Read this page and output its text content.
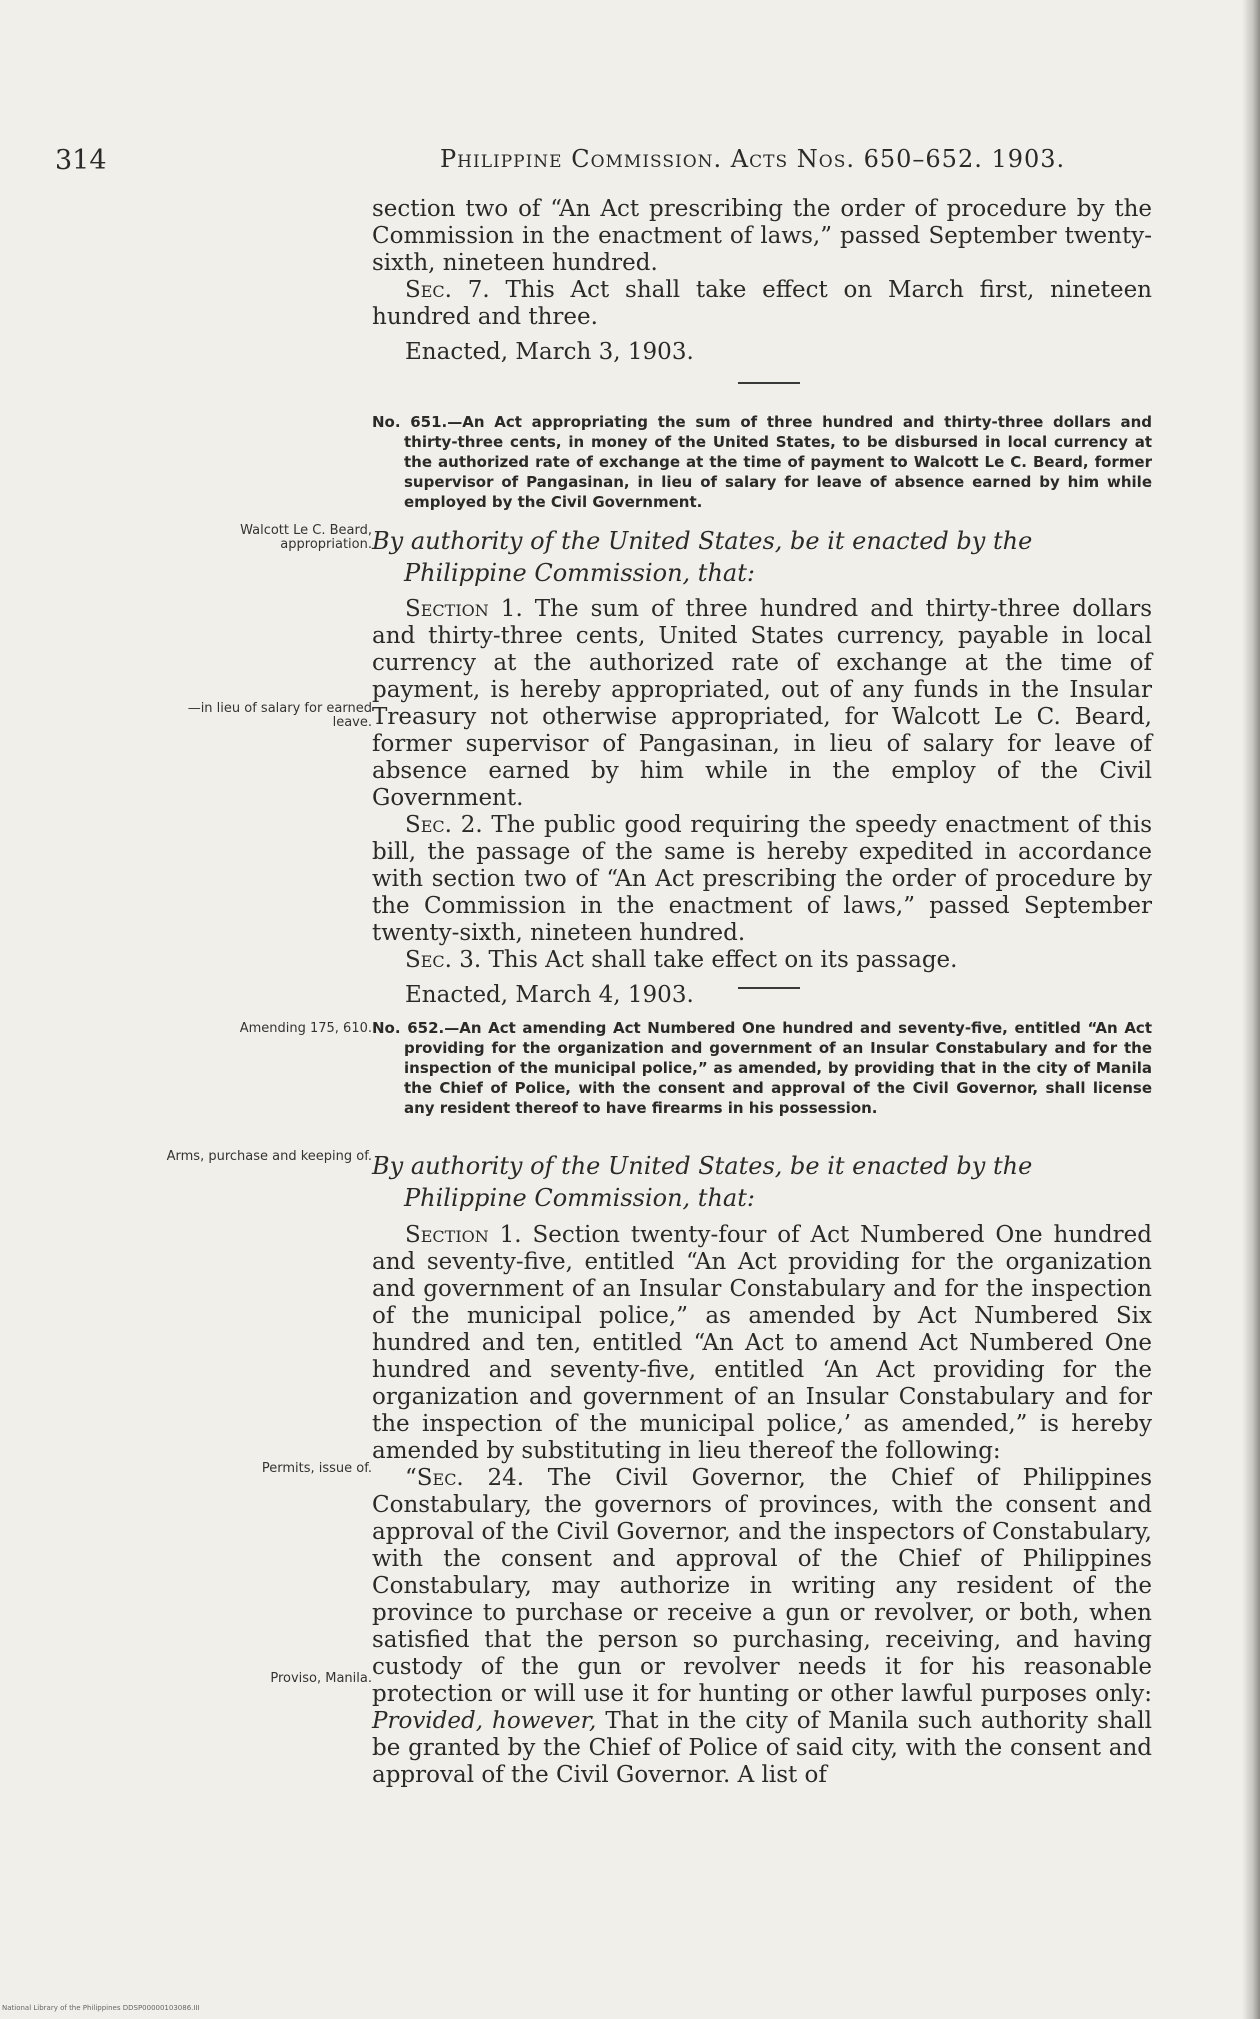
314	Philippine Commission. Acts Nos. 650–652. 1903.

section two of “An Act prescribing the order of procedure by the Commission in the enactment of laws,” passed September twenty-sixth, nineteen hundred.

Sec. 7. This Act shall take effect on March first, nineteen hundred and three.

Enacted, March 3, 1903.

No. 651.—An Act appropriating the sum of three hundred and thirty-three dollars and thirty-three cents, in money of the United States, to be disbursed in local currency at the authorized rate of exchange at the time of payment to Walcott Le C. Beard, former supervisor of Pangasinan, in lieu of salary for leave of absence earned by him while employed by the Civil Government.

Walcott Le C. Beard, appropriation. By authority of the United States, be it enacted by the Philippine Commission, that:

—in lieu of salary for earned leave.

Section 1. The sum of three hundred and thirty-three dollars and thirty-three cents, United States currency, payable in local currency at the authorized rate of exchange at the time of payment, is hereby appropriated, out of any funds in the Insular Treasury not otherwise appropriated, for Walcott Le C. Beard, former supervisor of Pangasinan, in lieu of salary for leave of absence earned by him while in the employ of the Civil Government.

Sec. 2. The public good requiring the speedy enactment of this bill, the passage of the same is hereby expedited in accordance with section two of “An Act prescribing the order of procedure by the Commission in the enactment of laws,” passed September twenty-sixth, nineteen hundred.

Sec. 3. This Act shall take effect on its passage.

Enacted, March 4, 1903.

Amending 175, 610. No. 652.—An Act amending Act Numbered One hundred and seventy-five, entitled “An Act providing for the organization and government of an Insular Constabulary and for the inspection of the municipal police,” as amended, by providing that in the city of Manila the Chief of Police, with the consent and approval of the Civil Governor, shall license any resident thereof to have firearms in his possession.

Arms, purchase and keeping of. By authority of the United States, be it enacted by the Philippine Commission, that:

Permits, issue of.
Proviso, Manila.

Section 1. Section twenty-four of Act Numbered One hundred and seventy-five, entitled “An Act providing for the organization and government of an Insular Constabulary and for the inspection of the municipal police,” as amended by Act Numbered Six hundred and ten, entitled “An Act to amend Act Numbered One hundred and seventy-five, entitled ‘An Act providing for the organization and government of an Insular Constabulary and for the inspection of the municipal police,’ as amended,” is hereby amended by substituting in lieu thereof the following:

“Sec. 24. The Civil Governor, the Chief of Philippines Constabulary, the governors of provinces, with the consent and approval of the Civil Governor, and the inspectors of Constabulary, with the consent and approval of the Chief of Philippines Constabulary, may authorize in writing any resident of the province to purchase or receive a gun or revolver, or both, when satisfied that the person so purchasing, receiving, and having custody of the gun or revolver needs it for his reasonable protection or will use it for hunting or other lawful purposes only: Provided, however, That in the city of Manila such authority shall be granted by the Chief of Police of said city, with the consent and approval of the Civil Governor. A list of

National Library of the Philippines DDSP00000103086.III
